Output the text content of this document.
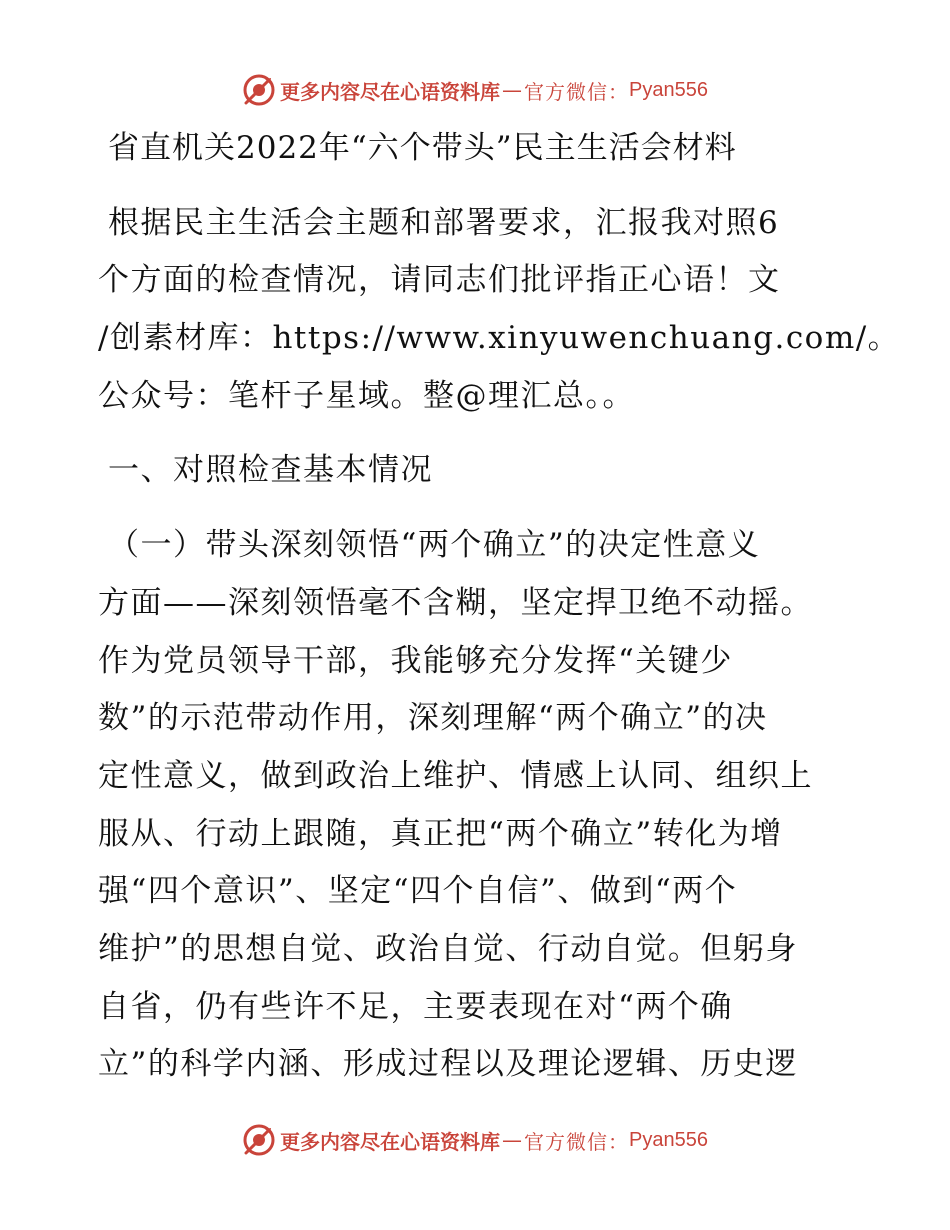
更多内容尽在心语资料库 — 官方微信： Pyan556
省直机关2022年“六个带头”民主生活会材料
根据民主生活会主题和部署要求，汇报我对照6
个方面的检查情况，请同志们批评指正心语！文
/创素材库：https://www.xinyuwenchuang.com/。
公众号：笔杆子星域。整@理汇总。。
一、对照检查基本情况
（一）带头深刻领悟“两个确立”的决定性意义
方面——深刻领悟毫不含糊，坚定捍卫绝不动摇。
作为党员领导干部，我能够充分发挥“关键少
数”的示范带动作用，深刻理解“两个确立”的决
定性意义，做到政治上维护、情感上认同、组织上
服从、行动上跟随，真正把“两个确立”转化为增
强“四个意识”、坚定“四个自信”、做到“两个
维护”的思想自觉、政治自觉、行动自觉。但躬身
自省，仍有些许不足，主要表现在对“两个确
立”的科学内涵、形成过程以及理论逻辑、历史逻
更多内容尽在心语资料库 — 官方微信： Pyan556
